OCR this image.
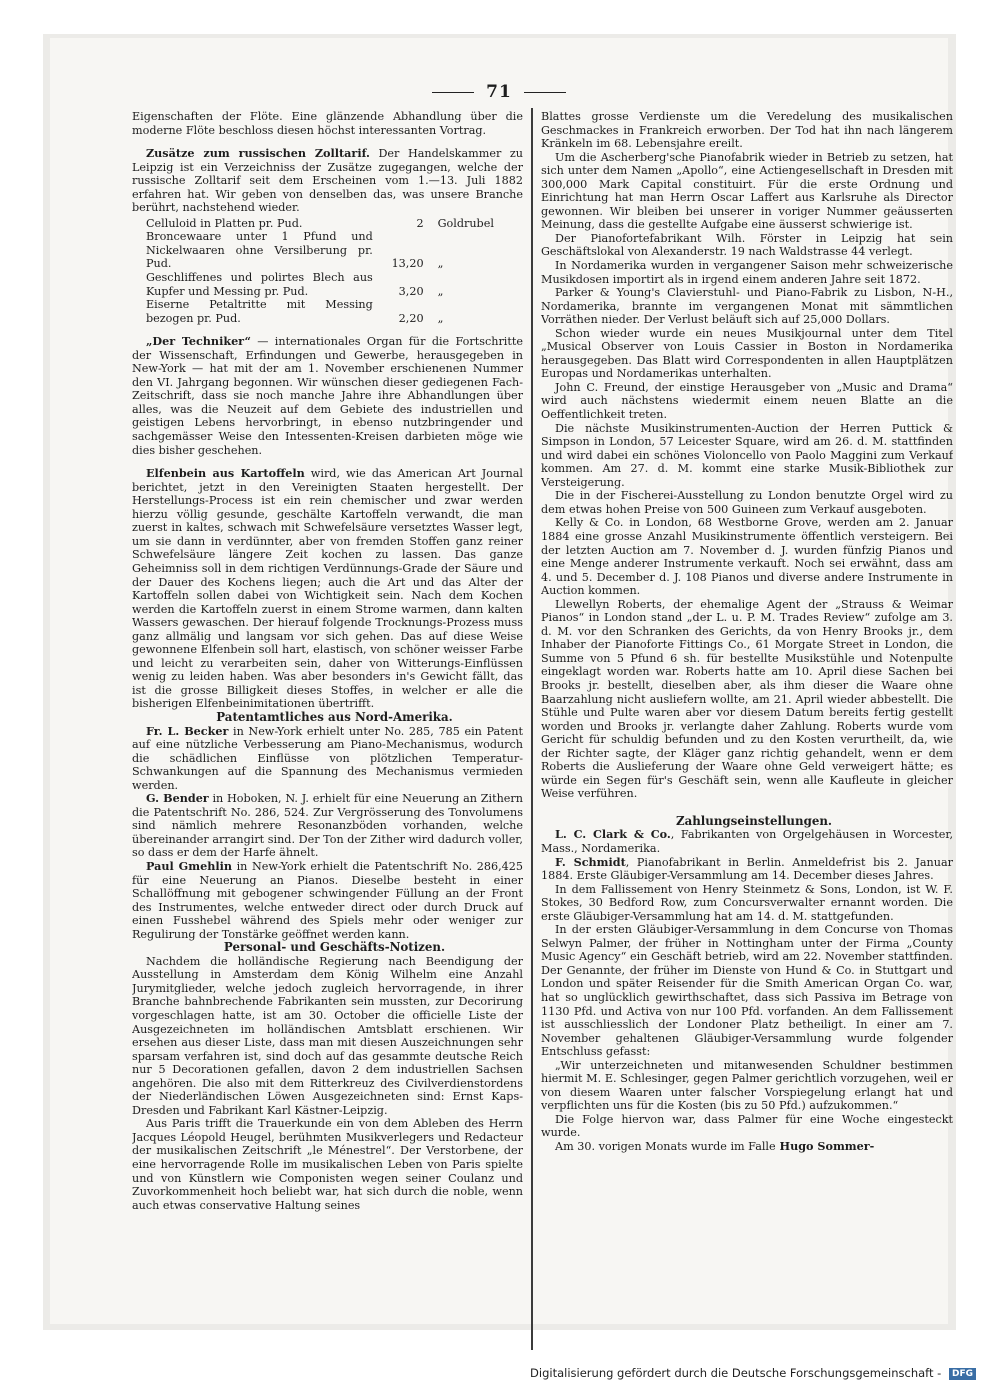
71

Eigenschaften der Flöte. Eine glänzende Abhandlung über die moderne Flöte beschloss diesen höchst interessanten Vortrag.

Zusätze zum russischen Zolltarif. Der Handelskammer zu Leipzig ist ein Verzeichniss der Zusätze zugegangen, welche der russische Zolltarif seit dem Erscheinen vom 1.—13. Juli 1882 erfahren hat. Wir geben von denselben das, was unsere Branche berührt, nachstehend wieder.

Celluloid in Platten pr. Pud.	2	Goldrubel
Broncewaare unter 1 Pfund und Nickelwaaren ohne Versilberung pr. Pud.	13,20	„
Geschliffenes und polirtes Blech aus Kupfer und Messing pr. Pud.	3,20	„
Eiserne Petaltritte mit Messing bezogen pr. Pud.	2,20	„

„Der Techniker“ — internationales Organ für die Fortschritte der Wissenschaft, Erfindungen und Gewerbe, herausgegeben in New-York — hat mit der am 1. November erschienenen Nummer den VI. Jahrgang begonnen. Wir wünschen dieser gediegenen Fach-Zeitschrift, dass sie noch manche Jahre ihre Abhandlungen über alles, was die Neuzeit auf dem Gebiete des industriellen und geistigen Lebens hervorbringt, in ebenso nutzbringender und sachgemässer Weise den Intessenten-Kreisen darbieten möge wie dies bisher geschehen.

Elfenbein aus Kartoffeln wird, wie das American Art Journal berichtet, jetzt in den Vereinigten Staaten hergestellt. Der Herstellungs-Process ist ein rein chemischer und zwar werden hierzu völlig gesunde, geschälte Kartoffeln verwandt, die man zuerst in kaltes, schwach mit Schwefelsäure versetztes Wasser legt, um sie dann in verdünnter, aber von fremden Stoffen ganz reiner Schwefelsäure längere Zeit kochen zu lassen. Das ganze Geheimniss soll in dem richtigen Verdünnungs-Grade der Säure und der Dauer des Kochens liegen; auch die Art und das Alter der Kartoffeln sollen dabei von Wichtigkeit sein. Nach dem Kochen werden die Kartoffeln zuerst in einem Strome warmen, dann kalten Wassers gewaschen. Der hierauf folgende Trocknungs-Prozess muss ganz allmälig und langsam vor sich gehen. Das auf diese Weise gewonnene Elfenbein soll hart, elastisch, von schöner weisser Farbe und leicht zu verarbeiten sein, daher von Witterungs-Einflüssen wenig zu leiden haben. Was aber besonders in's Gewicht fällt, das ist die grosse Billigkeit dieses Stoffes, in welcher er alle die bisherigen Elfenbeinimitationen übertrifft.

Patentamtliches aus Nord-Amerika.

Fr. L. Becker in New-York erhielt unter No. 285, 785 ein Patent auf eine nützliche Verbesserung am Piano-Mechanismus, wodurch die schädlichen Einflüsse von plötzlichen Temperatur-Schwankungen auf die Spannung des Mechanismus vermieden werden.

G. Bender in Hoboken, N. J. erhielt für eine Neuerung an Zithern die Patentschrift No. 286, 524. Zur Vergrösserung des Tonvolumens sind nämlich mehrere Resonanzböden vorhanden, welche übereinander arrangirt sind. Der Ton der Zither wird dadurch voller, so dass er dem der Harfe ähnelt.

Paul Gmehlin in New-York erhielt die Patentschrift No. 286,425 für eine Neuerung an Pianos. Dieselbe besteht in einer Schallöffnung mit gebogener schwingender Füllung an der Front des Instrumentes, welche entweder direct oder durch Druck auf einen Fusshebel während des Spiels mehr oder weniger zur Regulirung der Tonstärke geöffnet werden kann.

Personal- und Geschäfts-Notizen.

Nachdem die holländische Regierung nach Beendigung der Ausstellung in Amsterdam dem König Wilhelm eine Anzahl Jurymitglieder, welche jedoch zugleich hervorragende, in ihrer Branche bahnbrechende Fabrikanten sein mussten, zur Decorirung vorgeschlagen hatte, ist am 30. October die officielle Liste der Ausgezeichneten im holländischen Amtsblatt erschienen. Wir ersehen aus dieser Liste, dass man mit diesen Auszeichnungen sehr sparsam verfahren ist, sind doch auf das gesammte deutsche Reich nur 5 Decorationen gefallen, davon 2 dem industriellen Sachsen angehören. Die also mit dem Ritterkreuz des Civilverdienstordens der Niederländischen Löwen Ausgezeichneten sind: Ernst Kaps-Dresden und Fabrikant Karl Kästner-Leipzig.

Aus Paris trifft die Trauerkunde ein von dem Ableben des Herrn Jacques Léopold Heugel, berühmten Musikverlegers und Redacteur der musikalischen Zeitschrift „le Ménestrel“. Der Verstorbene, der eine hervorragende Rolle im musikalischen Leben von Paris spielte und von Künstlern wie Componisten wegen seiner Coulanz und Zuvorkommenheit hoch beliebt war, hat sich durch die noble, wenn auch etwas conservative Haltung seines

Blattes grosse Verdienste um die Veredelung des musikalischen Geschmackes in Frankreich erworben. Der Tod hat ihn nach längerem Kränkeln im 68. Lebensjahre ereilt.

Um die Ascherberg'sche Pianofabrik wieder in Betrieb zu setzen, hat sich unter dem Namen „Apollo“, eine Actiengesellschaft in Dresden mit 300,000 Mark Capital constituirt. Für die erste Ordnung und Einrichtung hat man Herrn Oscar Laffert aus Karlsruhe als Director gewonnen. Wir bleiben bei unserer in voriger Nummer geäusserten Meinung, dass die gestellte Aufgabe eine äusserst schwierige ist.

Der Pianofortefabrikant Wilh. Förster in Leipzig hat sein Geschäftslokal von Alexanderstr. 19 nach Waldstrasse 44 verlegt.

In Nordamerika wurden in vergangener Saison mehr schweizerische Musikdosen importirt als in irgend einem anderen Jahre seit 1872.

Parker & Young's Clavierstuhl- und Piano-Fabrik zu Lisbon, N-H., Nordamerika, brannte im vergangenen Monat mit sämmtlichen Vorräthen nieder. Der Verlust beläuft sich auf 25,000 Dollars.

Schon wieder wurde ein neues Musikjournal unter dem Titel „Musical Observer von Louis Cassier in Boston in Nordamerika herausgegeben. Das Blatt wird Correspondenten in allen Hauptplätzen Europas und Nordamerikas unterhalten.

John C. Freund, der einstige Herausgeber von „Music and Drama“ wird auch nächstens wiedermit einem neuen Blatte an die Oeffentlichkeit treten.

Die nächste Musikinstrumenten-Auction der Herren Puttick & Simpson in London, 57 Leicester Square, wird am 26. d. M. stattfinden und wird dabei ein schönes Violoncello von Paolo Maggini zum Verkauf kommen. Am 27. d. M. kommt eine starke Musik-Bibliothek zur Versteigerung.

Die in der Fischerei-Ausstellung zu London benutzte Orgel wird zu dem etwas hohen Preise von 500 Guineen zum Verkauf ausgeboten.

Kelly & Co. in London, 68 Westborne Grove, werden am 2. Januar 1884 eine grosse Anzahl Musikinstrumente öffentlich versteigern. Bei der letzten Auction am 7. November d. J. wurden fünfzig Pianos und eine Menge anderer Instrumente verkauft. Noch sei erwähnt, dass am 4. und 5. December d. J. 108 Pianos und diverse andere Instrumente in Auction kommen.

Llewellyn Roberts, der ehemalige Agent der „Strauss & Weimar Pianos“ in London stand „der L. u. P. M. Trades Review“ zufolge am 3. d. M. vor den Schranken des Gerichts, da von Henry Brooks jr., dem Inhaber der Pianoforte Fittings Co., 61 Morgate Street in London, die Summe von 5 Pfund 6 sh. für bestellte Musikstühle und Notenpulte eingeklagt worden war. Roberts hatte am 10. April diese Sachen bei Brooks jr. bestellt, dieselben aber, als ihm dieser die Waare ohne Baarzahlung nicht ausliefern wollte, am 21. April wieder abbestellt. Die Stühle und Pulte waren aber vor diesem Datum bereits fertig gestellt worden und Brooks jr. verlangte daher Zahlung. Roberts wurde vom Gericht für schuldig befunden und zu den Kosten verurtheilt, da, wie der Richter sagte, der Kläger ganz richtig gehandelt, wenn er dem Roberts die Auslieferung der Waare ohne Geld verweigert hätte; es würde ein Segen für's Geschäft sein, wenn alle Kaufleute in gleicher Weise verführen.

Zahlungseinstellungen.

L. C. Clark & Co., Fabrikanten von Orgelgehäusen in Worcester, Mass., Nordamerika.

F. Schmidt, Pianofabrikant in Berlin. Anmeldefrist bis 2. Januar 1884. Erste Gläubiger-Versammlung am 14. December dieses Jahres.

In dem Fallissement von Henry Steinmetz & Sons, London, ist W. F. Stokes, 30 Bedford Row, zum Concursverwalter ernannt worden. Die erste Gläubiger-Versammlung hat am 14. d. M. stattgefunden.

In der ersten Gläubiger-Versammlung in dem Concurse von Thomas Selwyn Palmer, der früher in Nottingham unter der Firma „County Music Agency“ ein Geschäft betrieb, wird am 22. November stattfinden. Der Genannte, der früher im Dienste von Hund & Co. in Stuttgart und London und später Reisender für die Smith American Organ Co. war, hat so unglücklich gewirthschaftet, dass sich Passiva im Betrage von 1130 Pfd. und Activa von nur 100 Pfd. vorfanden. An dem Fallissement ist ausschliesslich der Londoner Platz betheiligt. In einer am 7. November gehaltenen Gläubiger-Versammlung wurde folgender Entschluss gefasst:

„Wir unterzeichneten und mitanwesenden Schuldner bestimmen hiermit M. E. Schlesinger, gegen Palmer gerichtlich vorzugehen, weil er von diesem Waaren unter falscher Vorspiegelung erlangt hat und verpflichten uns für die Kosten (bis zu 50 Pfd.) aufzukommen.“

Die Folge hiervon war, dass Palmer für eine Woche eingesteckt wurde.

Am 30. vorigen Monats wurde im Falle Hugo Sommer-

Digitalisierung gefördert durch die Deutsche Forschungsgemeinschaft - DFG
